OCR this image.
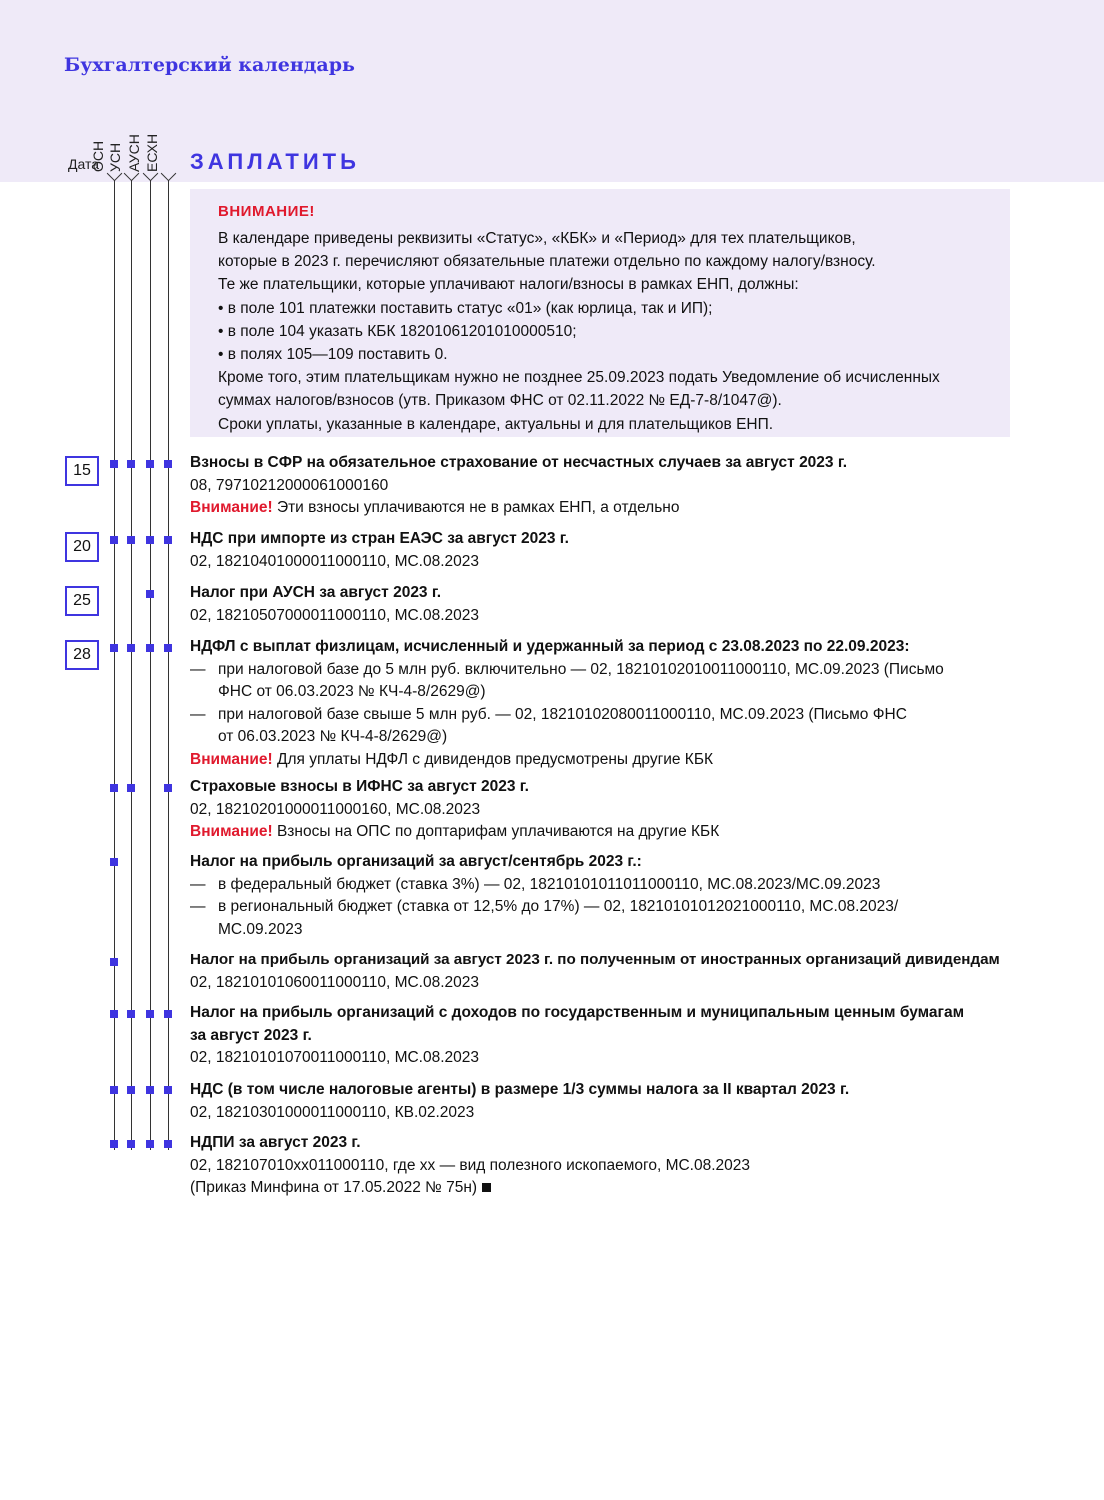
Бухгалтерский календарь
Дата
ОСН УСН АУСН ЕСХН ЗАПЛАТИТЬ
ВНИМАНИЕ!
В календаре приведены реквизиты «Статус», «КБК» и «Период» для тех плательщиков,
которые в 2023 г. перечисляют обязательные платежи отдельно по каждому налогу/взносу.
Те же плательщики, которые уплачивают налоги/взносы в рамках ЕНП, должны:
• в поле 101 платежки поставить статус «01» (как юрлица, так и ИП);
• в поле 104 указать КБК 18201061201010000510;
• в полях 105—109 поставить 0.
Кроме того, этим плательщикам нужно не позднее 25.09.2023 подать Уведомление об исчисленных
суммах налогов/взносов (утв. Приказом ФНС от 02.11.2022 № ЕД-7-8/1047@).
Сроки уплаты, указанные в календаре, актуальны и для плательщиков ЕНП.
15
20
25
28
Взносы в СФР на обязательное страхование от несчастных случаев за август 2023 г.
08, 79710212000061000160
Внимание! Эти взносы уплачиваются не в рамках ЕНП, а отдельно
НДС при импорте из стран ЕАЭС за август 2023 г.
02, 18210401000011000110, МС.08.2023
Налог при АУСН за август 2023 г.
02, 18210507000011000110, МС.08.2023
НДФЛ с выплат физлицам, исчисленный и удержанный за период с 23.08.2023 по 22.09.2023:
— при налоговой базе до 5 млн руб. включительно — 02, 18210102010011000110, МС.09.2023 (Письмо
ФНС от 06.03.2023 № КЧ-4-8/2629@)
— при налоговой базе свыше 5 млн руб. — 02, 18210102080011000110, МС.09.2023 (Письмо ФНС
от 06.03.2023 № КЧ-4-8/2629@)
Внимание! Для уплаты НДФЛ с дивидендов предусмотрены другие КБК
Страховые взносы в ИФНС за август 2023 г.
02, 18210201000011000160, МС.08.2023
Внимание! Взносы на ОПС по доптарифам уплачиваются на другие КБК
Налог на прибыль организаций за август/сентябрь 2023 г.:
— в федеральный бюджет (ставка 3%) — 02, 18210101011011000110, МС.08.2023/МС.09.2023
— в региональный бюджет (ставка от 12,5% до 17%) — 02, 18210101012021000110, МС.08.2023/
МС.09.2023
Налог на прибыль организаций за август 2023 г. по полученным от иностранных организаций дивидендам
02, 18210101060011000110, МС.08.2023
Налог на прибыль организаций с доходов по государственным и муниципальным ценным бумагам
за август 2023 г.
02, 18210101070011000110, МС.08.2023
НДС (в том числе налоговые агенты) в размере 1/3 суммы налога за II квартал 2023 г.
02, 18210301000011000110, КВ.02.2023
НДПИ за август 2023 г.
02, 182107010xx011000110, где xx — вид полезного ископаемого, МС.08.2023
(Приказ Минфина от 17.05.2022 № 75н)
